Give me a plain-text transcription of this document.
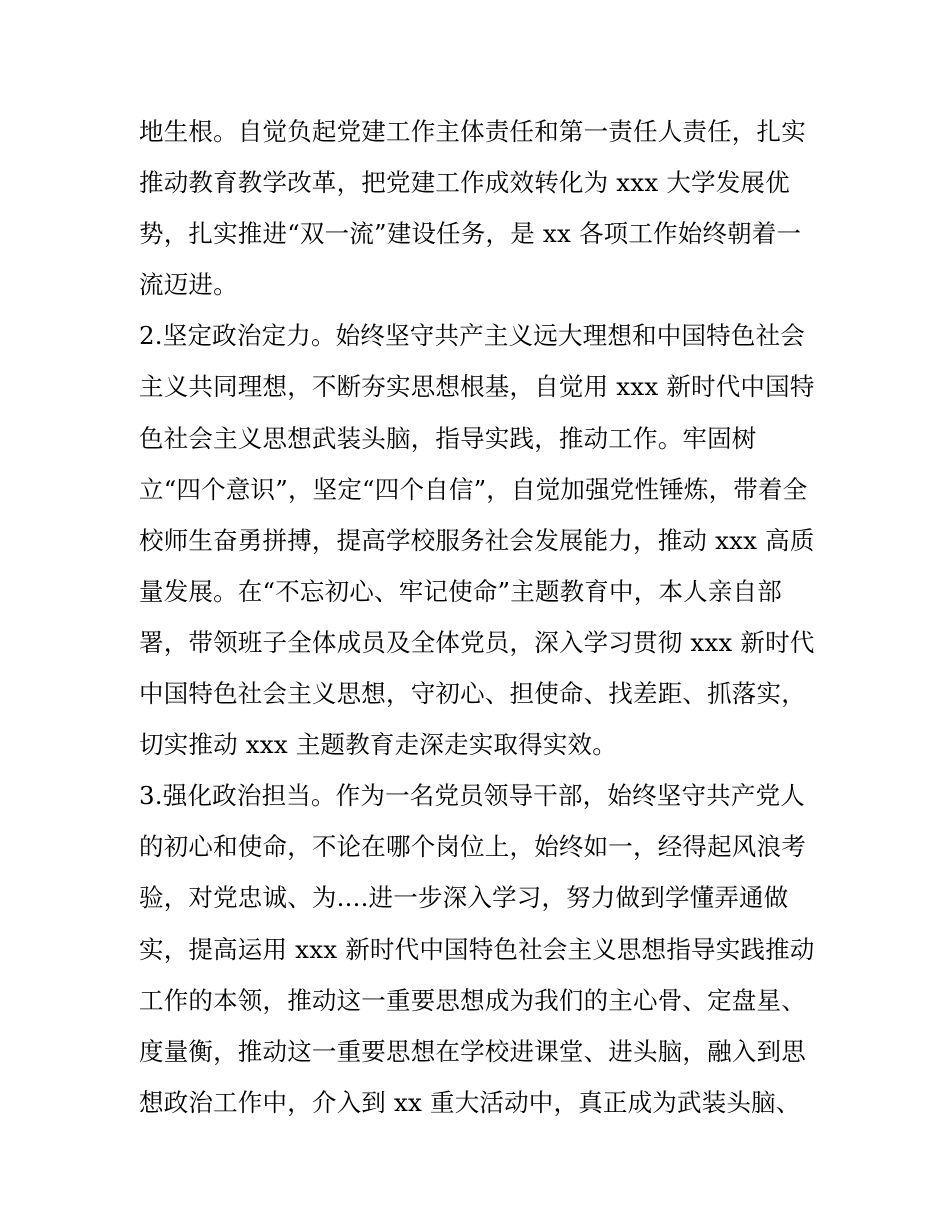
地生根。自觉负起党建工作主体责任和第一责任人责任，扎实
推动教育教学改革，把党建工作成效转化为 xxx 大学发展优
势，扎实推进“双一流”建设任务，是 xx 各项工作始终朝着一
流迈进。
2.坚定政治定力。始终坚守共产主义远大理想和中国特色社会
主义共同理想，不断夯实思想根基，自觉用 xxx 新时代中国特
色社会主义思想武装头脑，指导实践，推动工作。牢固树
立“四个意识”，坚定“四个自信”，自觉加强党性锤炼，带着全
校师生奋勇拼搏，提高学校服务社会发展能力，推动 xxx 高质
量发展。在“不忘初心、牢记使命”主题教育中，本人亲自部
署，带领班子全体成员及全体党员，深入学习贯彻 xxx 新时代
中国特色社会主义思想，守初心、担使命、找差距、抓落实，
切实推动 xxx 主题教育走深走实取得实效。
3.强化政治担当。作为一名党员领导干部，始终坚守共产党人
的初心和使命，不论在哪个岗位上，始终如一，经得起风浪考
验，对党忠诚、为....进一步深入学习，努力做到学懂弄通做
实，提高运用 xxx 新时代中国特色社会主义思想指导实践推动
工作的本领，推动这一重要思想成为我们的主心骨、定盘星、
度量衡，推动这一重要思想在学校进课堂、进头脑，融入到思
想政治工作中，介入到 xx 重大活动中，真正成为武装头脑、
